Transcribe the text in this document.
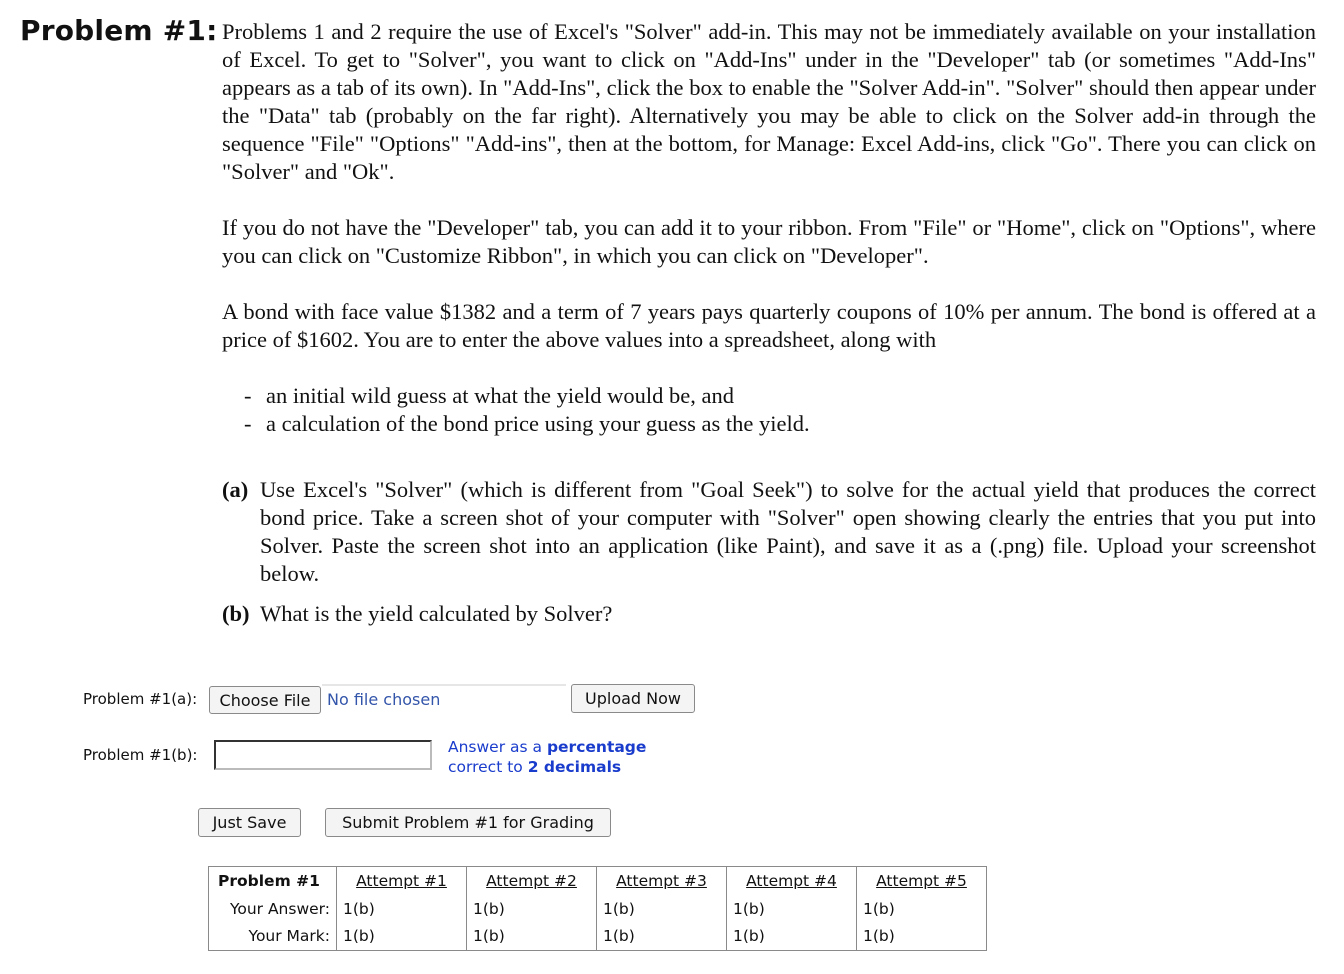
Problem #1: Problems 1 and 2 require the use of Excel's "Solver" add-in. This may not be immediately available on your installation of Excel. To get to "Solver", you want to click on "Add-Ins" under in the "Developer" tab (or sometimes "Add-Ins" appears as a tab of its own). In "Add-Ins", click the box to enable the "Solver Add-in". "Solver" should then appear under the "Data" tab (probably on the far right). Alternatively you may be able to click on the Solver add-in through the sequence "File" "Options" "Add-ins", then at the bottom, for Manage: Excel Add-ins, click "Go". There you can click on "Solver" and "Ok".

If you do not have the "Developer" tab, you can add it to your ribbon. From "File" or "Home", click on "Options", where you can click on "Customize Ribbon", in which you can click on "Developer".

A bond with face value $1382 and a term of 7 years pays quarterly coupons of 10% per annum. The bond is offered at a price of $1602. You are to enter the above values into a spreadsheet, along with

- an initial wild guess at what the yield would be, and
- a calculation of the bond price using your guess as the yield.
(a) Use Excel's "Solver" (which is different from "Goal Seek") to solve for the actual yield that produces the correct bond price. Take a screen shot of your computer with "Solver" open showing clearly the entries that you put into Solver. Paste the screen shot into an application (like Paint), and save it as a (.png) file. Upload your screenshot below.
(b) What is the yield calculated by Solver?
Problem #1(a):	Choose File	No file chosen	Upload Now
Problem #1(b):	Answer as a percentage
correct to 2 decimals
Just Save	Submit Problem #1 for Grading
Problem #1	Attempt #1	Attempt #2	Attempt #3	Attempt #4	Attempt #5
Your Answer:	1(b)	1(b)	1(b)	1(b)	1(b)
Your Mark:	1(b)	1(b)	1(b)	1(b)	1(b)
